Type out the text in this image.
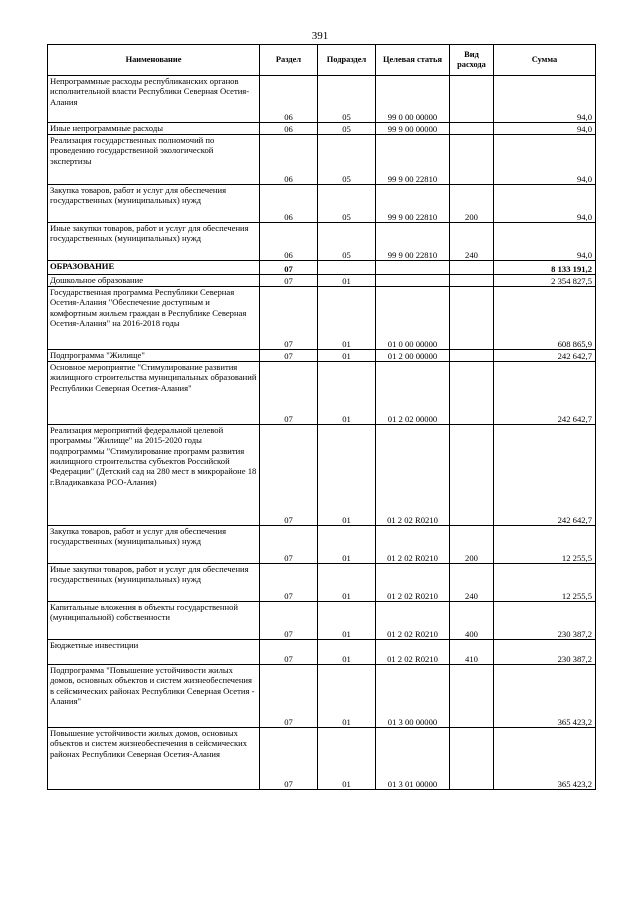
391
Наименование	Раздел	Подраздел	Целевая статья	Вид расхода	Сумма
Непрограммные расходы республиканских органов исполнительной власти Республики Северная Осетия-Алания	06	05	99 0 00 00000		94,0
Иные непрограммные расходы	06	05	99 9 00 00000		94,0
Реализация государственных полномочий по проведению государственной экологической экспертизы	06	05	99 9 00 22810		94,0
Закупка товаров, работ и услуг для обеспечения государственных (муниципальных) нужд	06	05	99 9 00 22810	200	94,0
Иные закупки товаров, работ и услуг для обеспечения государственных (муниципальных) нужд	06	05	99 9 00 22810	240	94,0
ОБРАЗОВАНИЕ	07				8 133 191,2
Дошкольное образование	07	01			2 354 827,5
Государственная программа Республики Северная Осетия-Алания "Обеспечение доступным и комфортным жильем граждан в Республике Северная Осетия-Алания" на 2016-2018 годы	07	01	01 0 00 00000		608 865,9
Подпрограмма "Жилище"	07	01	01 2 00 00000		242 642,7
Основное мероприятие "Стимулирование развития жилищного строительства муниципальных образований Республики Северная Осетия-Алания"	07	01	01 2 02 00000		242 642,7
Реализация мероприятий федеральной целевой программы "Жилище" на 2015-2020 годы подпрограммы "Стимулирование программ развития жилищного строительства субъектов Российской Федерации" (Детский сад на 280 мест в микрорайоне 18 г.Владикавказа РСО-Алания)	07	01	01 2 02 R0210		242 642,7
Закупка товаров, работ и услуг для обеспечения государственных (муниципальных) нужд	07	01	01 2 02 R0210	200	12 255,5
Иные закупки товаров, работ и услуг для обеспечения государственных (муниципальных) нужд	07	01	01 2 02 R0210	240	12 255,5
Капитальные вложения в объекты государственной (муниципальной) собственности	07	01	01 2 02 R0210	400	230 387,2
Бюджетные инвестиции	07	01	01 2 02 R0210	410	230 387,2
Подпрограмма "Повышение устойчивости жилых домов, основных объектов и систем жизнеобеспечения в сейсмических районах Республики Северная Осетия - Алания"	07	01	01 3 00 00000		365 423,2
Повышение устойчивости жилых домов, основных объектов и систем жизнеобеспечения в сейсмических районах Республики Северная Осетия-Алания	07	01	01 3 01 00000		365 423,2
